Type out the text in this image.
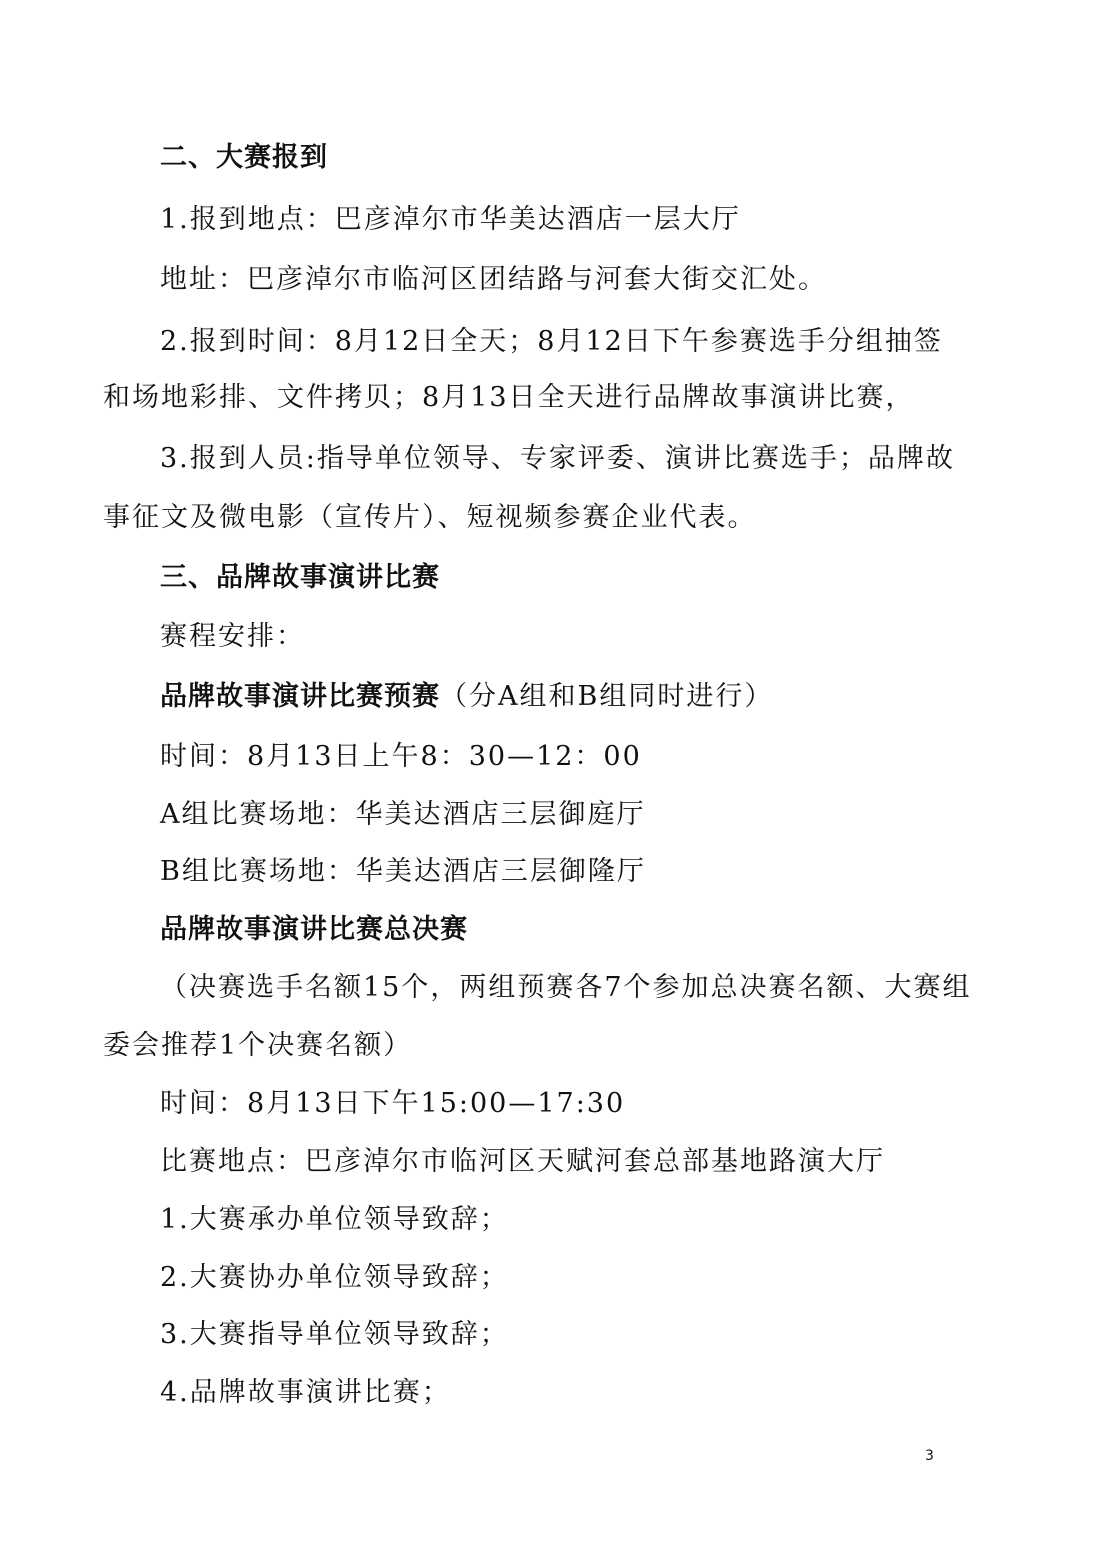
二、大赛报到
1.报到地点：巴彦淖尔市华美达酒店一层大厅
地址：巴彦淖尔市临河区团结路与河套大街交汇处。
2.报到时间：8月12日全天；8月12日下午参赛选手分组抽签
和场地彩排、文件拷贝；8月13日全天进行品牌故事演讲比赛，
3.报到人员:指导单位领导、专家评委、演讲比赛选手；品牌故
事征文及微电影（宣传片）、短视频参赛企业代表。
三、品牌故事演讲比赛
赛程安排：
品牌故事演讲比赛预赛（分A组和B组同时进行）
时间：8月13日上午8：30—12：00
A组比赛场地：华美达酒店三层御庭厅
B组比赛场地：华美达酒店三层御隆厅
品牌故事演讲比赛总决赛
（决赛选手名额15个，两组预赛各7个参加总决赛名额、大赛组
委会推荐1个决赛名额）
时间：8月13日下午15:00—17:30
比赛地点：巴彦淖尔市临河区天赋河套总部基地路演大厅
1.大赛承办单位领导致辞；
2.大赛协办单位领导致辞；
3.大赛指导单位领导致辞；
4.品牌故事演讲比赛；
3
